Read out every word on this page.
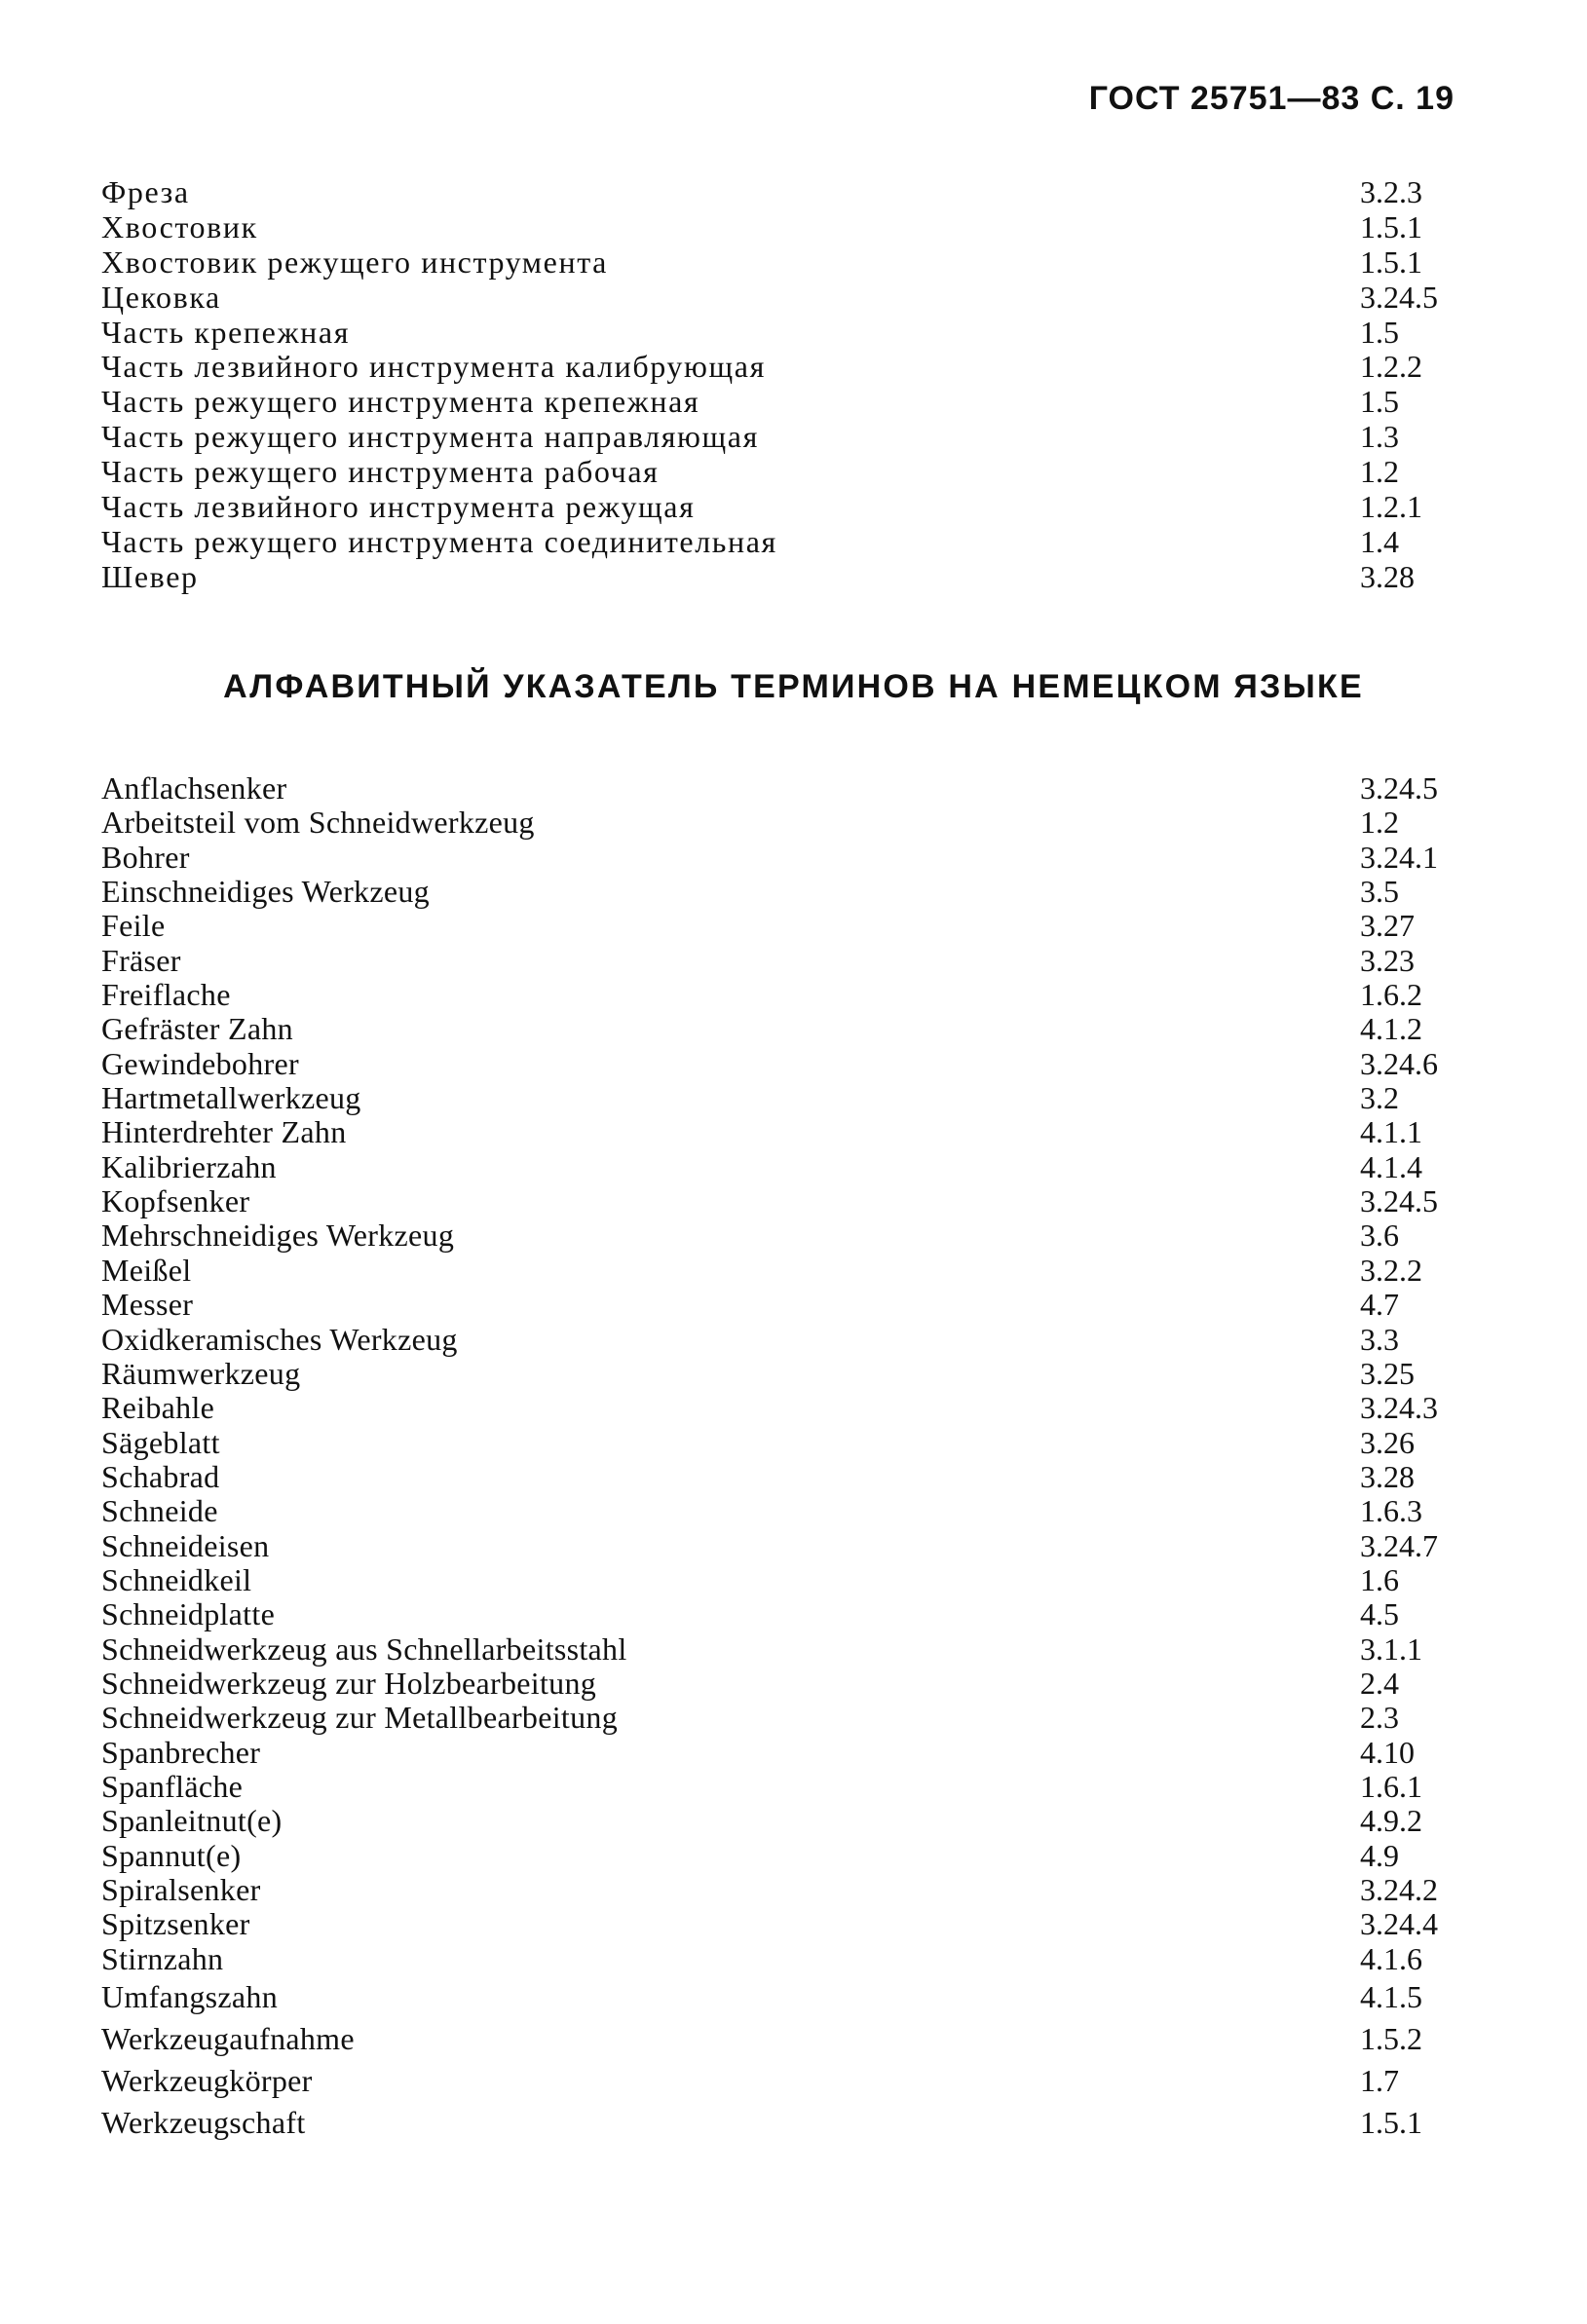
ГОСТ 25751—83 С. 19
Фреза	3.2.3
Хвостовик	1.5.1
Хвостовик режущего инструмента	1.5.1
Цековка	3.24.5
Часть крепежная	1.5
Часть лезвийного инструмента калибрующая	1.2.2
Часть режущего инструмента крепежная	1.5
Часть режущего инструмента направляющая	1.3
Часть режущего инструмента рабочая	1.2
Часть лезвийного инструмента режущая	1.2.1
Часть режущего инструмента соединительная	1.4
Шевер	3.28
АЛФАВИТНЫЙ УКАЗАТЕЛЬ ТЕРМИНОВ НА НЕМЕЦКОМ ЯЗЫКЕ
Anflachsenker	3.24.5
Arbeitsteil vom Schneidwerkzeug	1.2
Bohrer	3.24.1
Einschneidiges Werkzeug	3.5
Feile	3.27
Fräser	3.23
Freiflache	1.6.2
Gefräster Zahn	4.1.2
Gewindebohrer	3.24.6
Hartmetallwerkzeug	3.2
Hinterdrehter Zahn	4.1.1
Kalibrierzahn	4.1.4
Kopfsenker	3.24.5
Mehrschneidiges Werkzeug	3.6
Meißel	3.2.2
Messer	4.7
Oxidkeramisches Werkzeug	3.3
Räumwerkzeug	3.25
Reibahle	3.24.3
Sägeblatt	3.26
Schabrad	3.28
Schneide	1.6.3
Schneideisen	3.24.7
Schneidkeil	1.6
Schneidplatte	4.5
Schneidwerkzeug aus Schnellarbeitsstahl	3.1.1
Schneidwerkzeug zur Holzbearbeitung	2.4
Schneidwerkzeug zur Metallbearbeitung	2.3
Spanbrecher	4.10
Spanfläche	1.6.1
Spanleitnut(e)	4.9.2
Spannut(e)	4.9
Spiralsenker	3.24.2
Spitzsenker	3.24.4
Stirnzahn	4.1.6
Umfangszahn	4.1.5
Werkzeugaufnahme	1.5.2
Werkzeugkörper	1.7
Werkzeugschaft	1.5.1
